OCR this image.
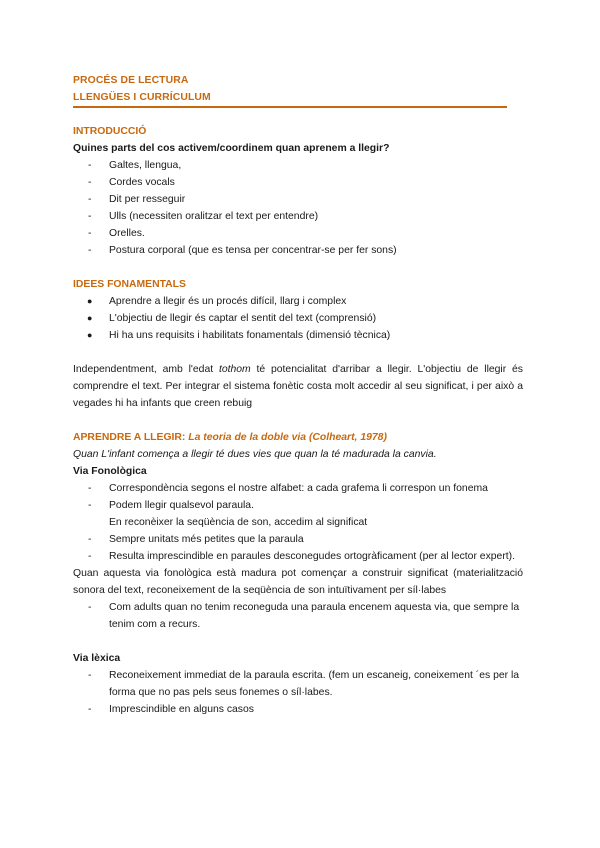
PROCÉS DE LECTURA
LLENGÜES I CURRÍCULUM
INTRODUCCIÓ
Quines parts del cos activem/coordinem quan aprenem a llegir?
- Galtes, llengua,
- Cordes vocals
- Dit per resseguir
- Ulls (necessiten oralitzar el text per entendre)
- Orelles.
- Postura corporal (que es tensa per concentrar-se per fer sons)
IDEES FONAMENTALS
● Aprendre a llegir és un procés difícil, llarg i complex
● L'objectiu de llegir és captar el sentit del text (comprensió)
● Hi ha uns requisits i habilitats fonamentals (dimensió tècnica)
Independentment, amb l'edat tothom té potencialitat d'arribar a llegir. L'objectiu de llegir és comprendre el text. Per integrar el sistema fonètic costa molt accedir al seu significat, i per això a vegades hi ha infants que creen rebuig
APRENDRE A LLEGIR: La teoria de la doble via (Colheart, 1978)
Quan L'infant comença a llegir té dues vies que quan la té madurada la canvia.
Via Fonològica
- Correspondència segons el nostre alfabet: a cada grafema li correspon un fonema
- Podem llegir qualsevol paraula.
En reconèixer la seqüència de son, accedim al significat
- Sempre unitats més petites que la paraula
- Resulta imprescindible en paraules desconegudes ortogràficament (per al lector expert).
Quan aquesta via fonològica està madura pot començar a construir significat (materialització sonora del text, reconeixement de la seqüència de son intuïtivament per síl·labes
- Com adults quan no tenim reconeguda una paraula encenem aquesta via, que sempre la tenim com a recurs.
Via lèxica
- Reconeixement immediat de la paraula escrita. (fem un escaneig, coneixement ´es per la forma que no pas pels seus fonemes o síl·labes.
- Imprescindible en alguns casos
